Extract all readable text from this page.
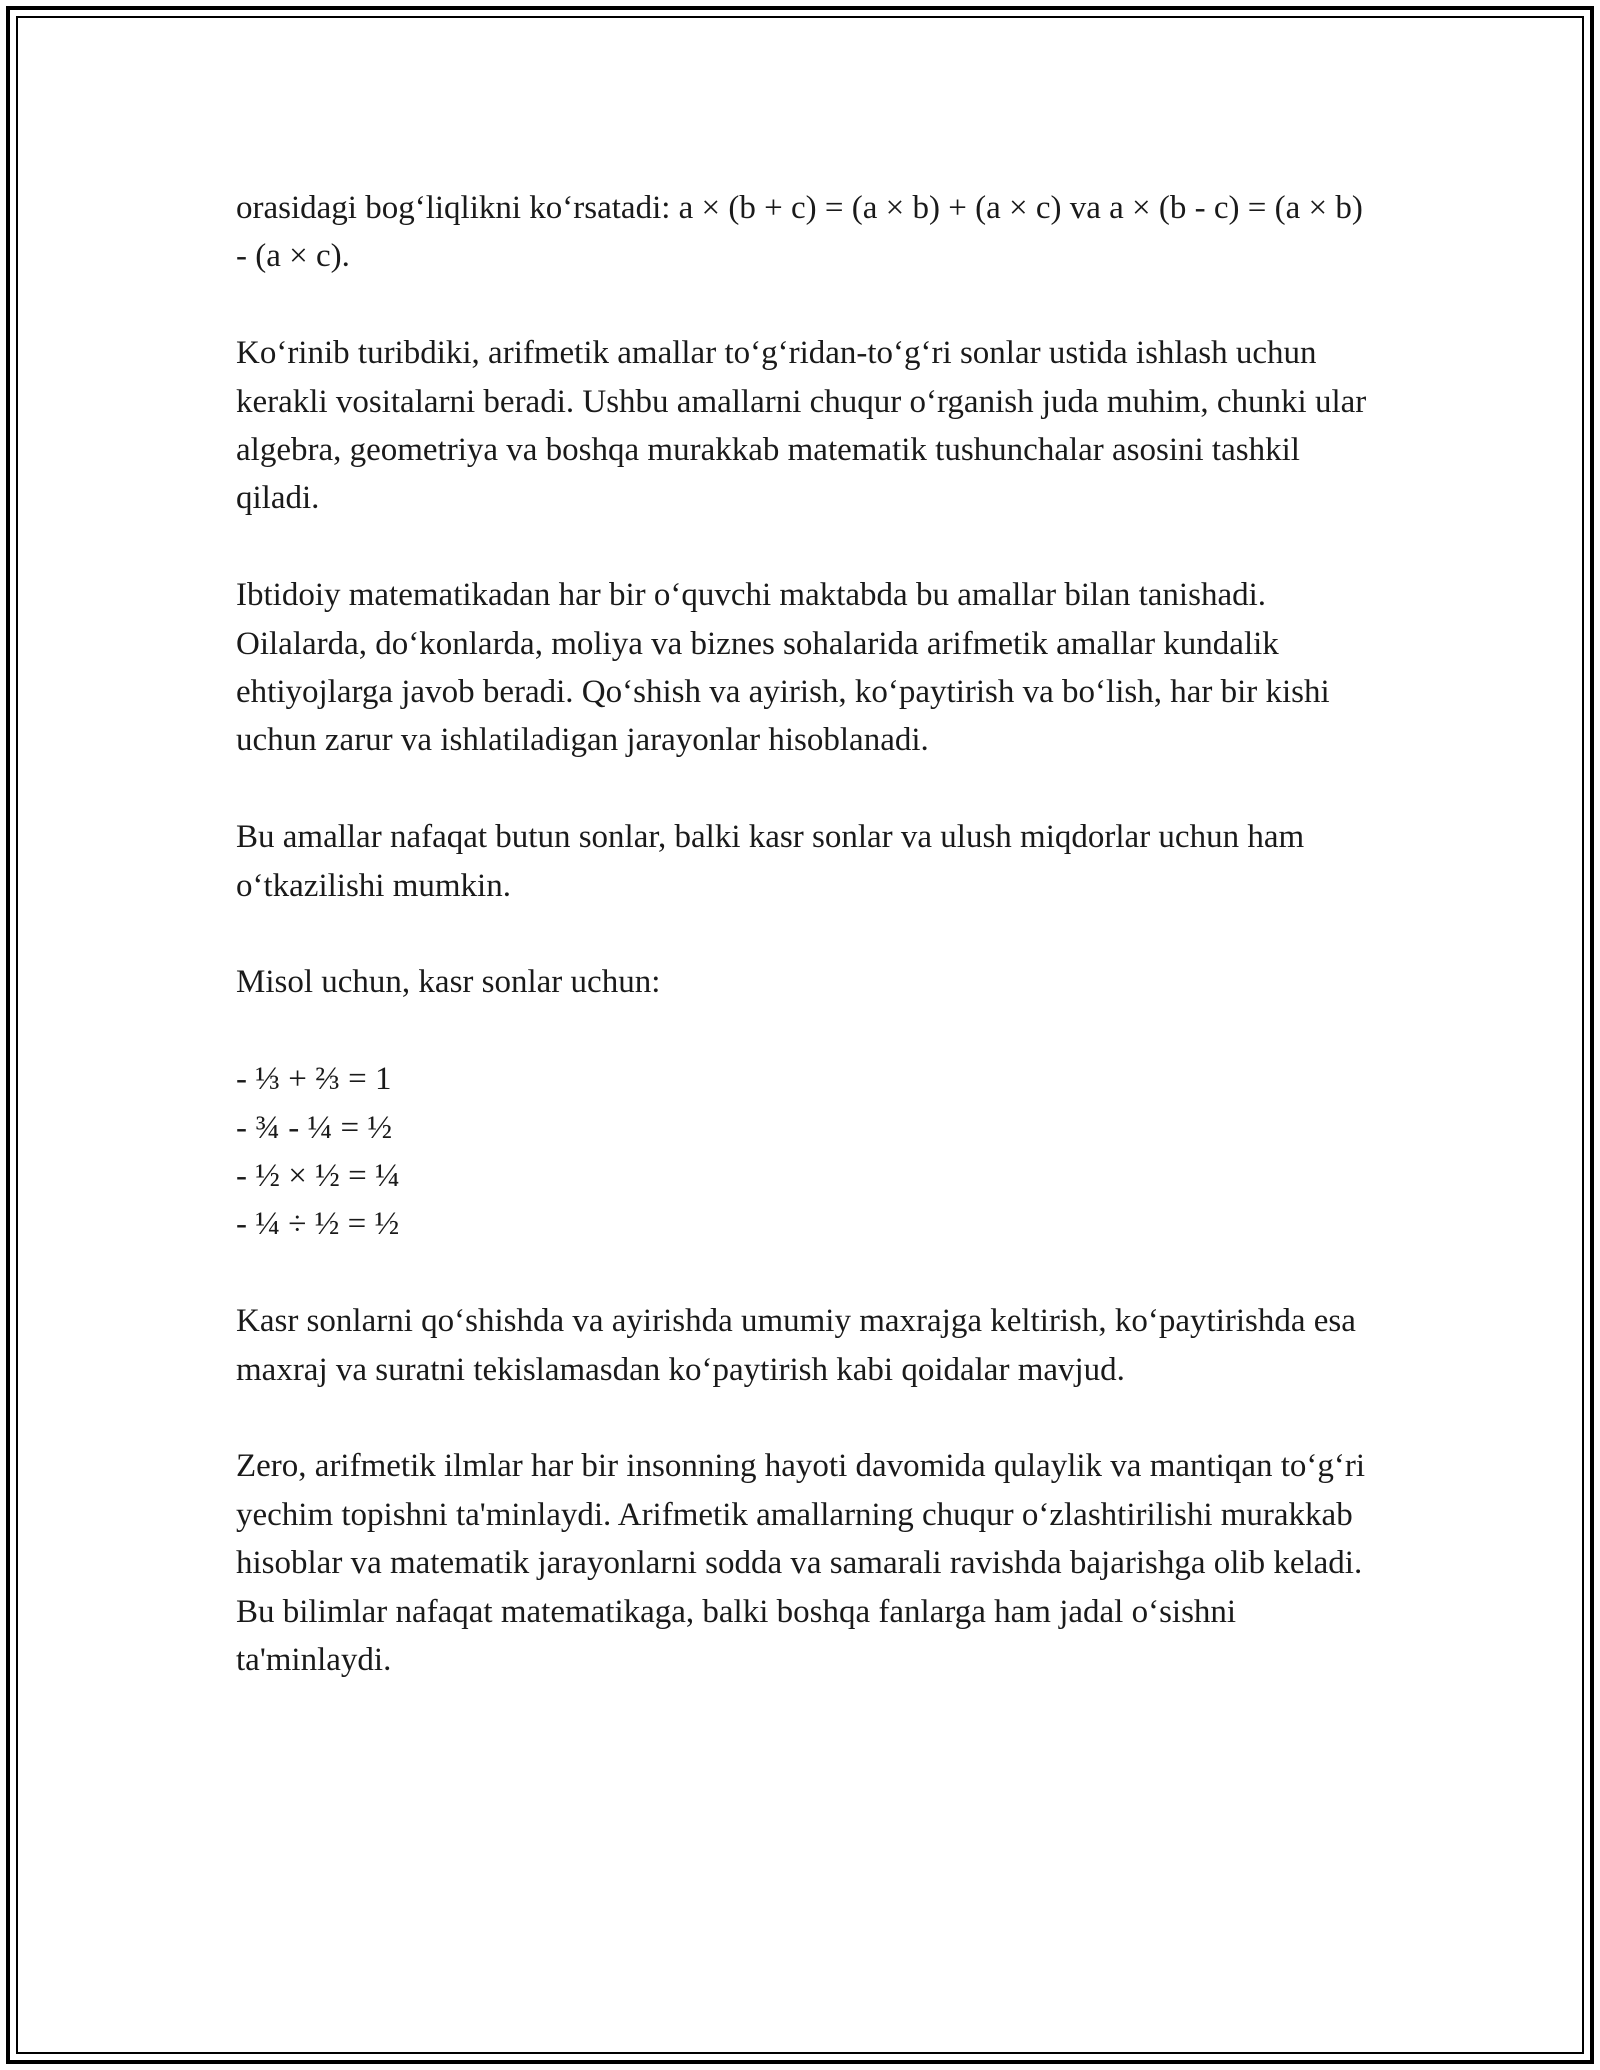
orasidagi bog‘liqlikni ko‘rsatadi: a × (b + c) = (a × b) + (a × c) va a × (b - c) = (a × b) - (a × c).

Ko‘rinib turibdiki, arifmetik amallar to‘g‘ridan-to‘g‘ri sonlar ustida ishlash uchun kerakli vositalarni beradi. Ushbu amallarni chuqur o‘rganish juda muhim, chunki ular algebra, geometriya va boshqa murakkab matematik tushunchalar asosini tashkil qiladi.

Ibtidoiy matematikadan har bir o‘quvchi maktabda bu amallar bilan tanishadi. Oilalarda, do‘konlarda, moliya va biznes sohalarida arifmetik amallar kundalik ehtiyojlarga javob beradi. Qo‘shish va ayirish, ko‘paytirish va bo‘lish, har bir kishi uchun zarur va ishlatiladigan jarayonlar hisoblanadi.

Bu amallar nafaqat butun sonlar, balki kasr sonlar va ulush miqdorlar uchun ham o‘tkazilishi mumkin.

Misol uchun, kasr sonlar uchun:

- ⅓ + ⅔ = 1
- ¾ - ¼ = ½
- ½ × ½ = ¼
- ¼ ÷ ½ = ½

Kasr sonlarni qo‘shishda va ayirishda umumiy maxrajga keltirish, ko‘paytirishda esa maxraj va suratni tekislamasdan ko‘paytirish kabi qoidalar mavjud.

Zero, arifmetik ilmlar har bir insonning hayoti davomida qulaylik va mantiqan to‘g‘ri yechim topishni ta'minlaydi. Arifmetik amallarning chuqur o‘zlashtirilishi murakkab hisoblar va matematik jarayonlarni sodda va samarali ravishda bajarishga olib keladi. Bu bilimlar nafaqat matematikaga, balki boshqa fanlarga ham jadal o‘sishni ta'minlaydi.
